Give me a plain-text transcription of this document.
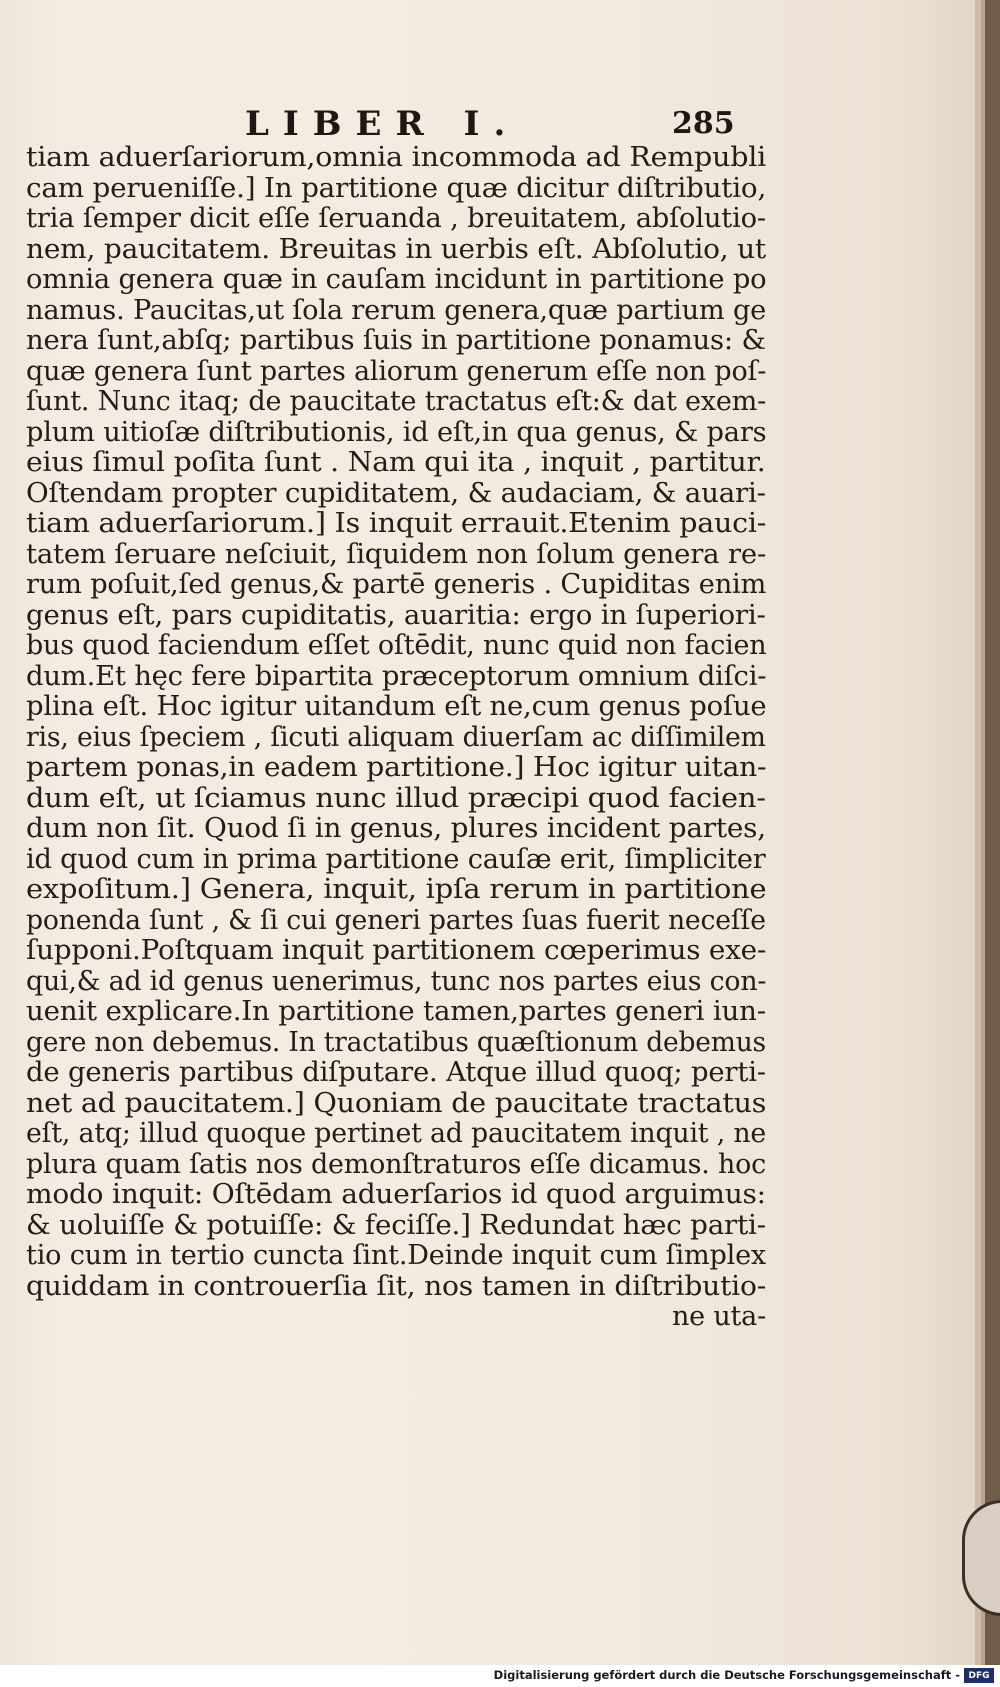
LIBER I.	285
tiam aduerſariorum,omnia incommoda ad Rempubli
cam perueniſſe.] In partitione quæ dicitur diſtributio,
tria ſemper dicit eſſe ſeruanda , breuitatem, abſolutio-
nem, paucitatem. Breuitas in uerbis eſt. Abſolutio, ut
omnia genera quæ in cauſam incidunt in partitione po
namus. Paucitas,ut ſola rerum genera,quæ partium ge
nera ſunt,abſq; partibus ſuis in partitione ponamus: &
quæ genera ſunt partes aliorum generum eſſe non poſ-
ſunt. Nunc itaq; de paucitate tractatus eſt:& dat exem-
plum uitioſæ diſtributionis, id eſt,in qua genus, & pars
eius ſimul poſita ſunt . Nam qui ita , inquit , partitur.
Oſtendam propter cupiditatem, & audaciam, & auari-
tiam aduerſariorum.] Is inquit errauit.Etenim pauci-
tatem ſeruare neſciuit, ſiquidem non ſolum genera re-
rum poſuit,ſed genus,& partē generis . Cupiditas enim
genus eſt, pars cupiditatis, auaritia: ergo in ſuperiori-
bus quod faciendum eſſet oſtēdit, nunc quid non facien
dum.Et hęc fere bipartita præceptorum omnium diſci-
plina eſt. Hoc igitur uitandum eſt ne,cum genus poſue
ris, eius ſpeciem , ſicuti aliquam diuerſam ac diſſimilem
partem ponas,in eadem partitione.] Hoc igitur uitan-
dum eſt, ut ſciamus nunc illud præcipi quod facien-
dum non ſit. Quod ſi in genus, plures incident partes,
id quod cum in prima partitione cauſæ erit, ſimpliciter
expoſitum.] Genera, inquit, ipſa rerum in partitione
ponenda ſunt , & ſi cui generi partes ſuas fuerit neceſſe
ſupponi.Poſtquam inquit partitionem cœperimus exe-
qui,& ad id genus uenerimus, tunc nos partes eius con-
uenit explicare.In partitione tamen,partes generi iun-
gere non debemus. In tractatibus quæſtionum debemus
de generis partibus diſputare. Atque illud quoq; perti-
net ad paucitatem.] Quoniam de paucitate tractatus
eſt, atq; illud quoque pertinet ad paucitatem inquit , ne
plura quam ſatis nos demonſtraturos eſſe dicamus. hoc
modo inquit: Oſtēdam aduerſarios id quod arguimus:
& uoluiſſe & potuiſſe: & feciſſe.] Redundat hæc parti-
tio cum in tertio cuncta ſint.Deinde inquit cum ſimplex
quiddam in controuerſia ſit, nos tamen in diſtributio-
ne uta-
Digitalisierung gefördert durch die Deutsche Forschungsgemeinschaft - DFG
